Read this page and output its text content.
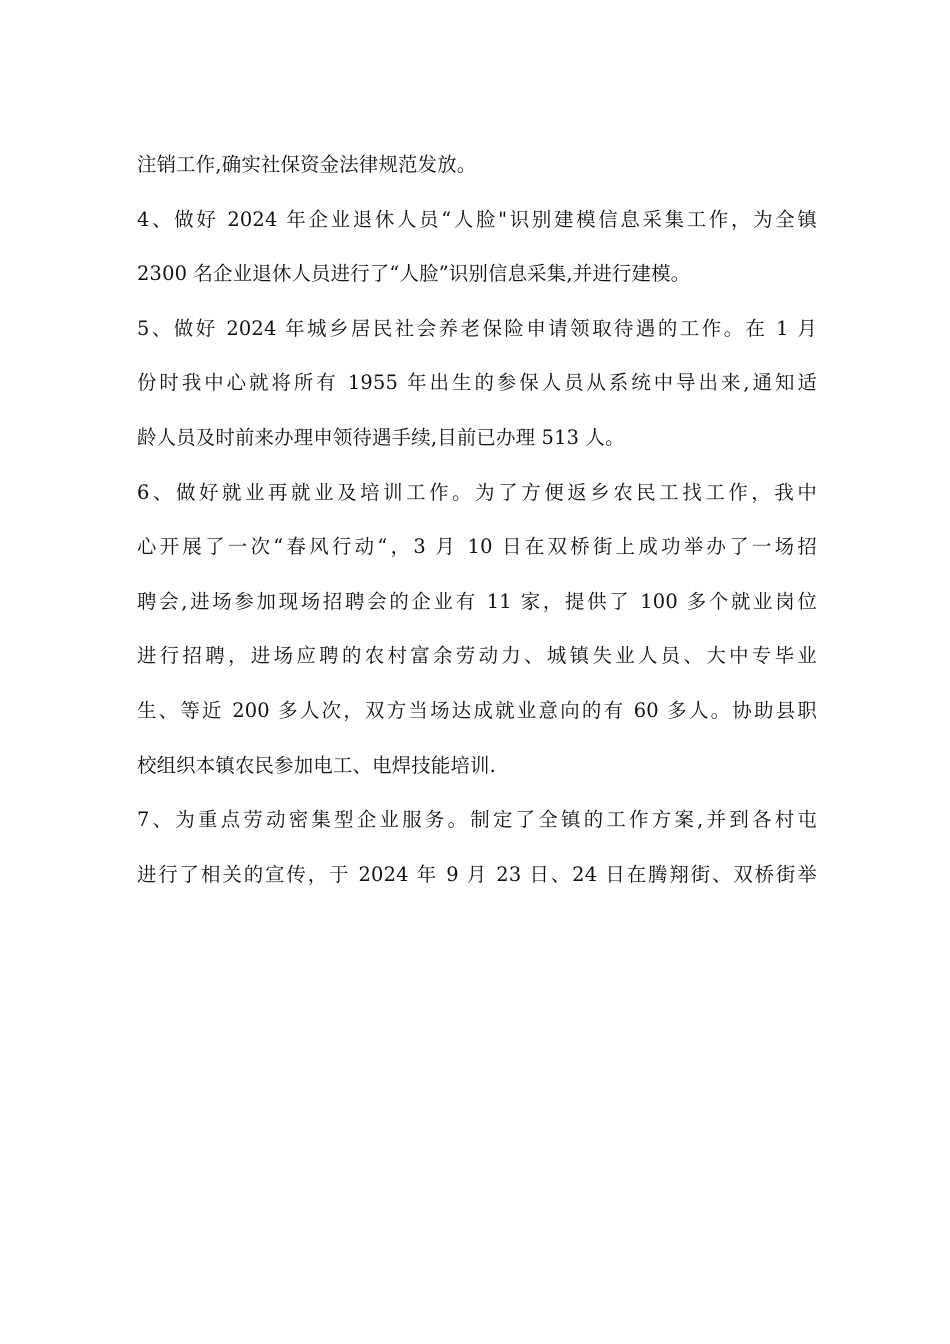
注销工作,确实社保资金法律规范发放。
4、做好 2024 年企业退休人员“人脸"识别建模信息采集工作，为全镇
2300 名企业退休人员进行了“人脸”识别信息采集,并进行建模。
5、做好 2024 年城乡居民社会养老保险申请领取待遇的工作。在 1 月
份时我中心就将所有 1955 年出生的参保人员从系统中导出来,通知适
龄人员及时前来办理申领待遇手续,目前已办理 513 人。
6、做好就业再就业及培训工作。为了方便返乡农民工找工作，我中
心开展了一次“春风行动“，3 月 10 日在双桥街上成功举办了一场招
聘会,进场参加现场招聘会的企业有 11 家，提供了 100 多个就业岗位
进行招聘，进场应聘的农村富余劳动力、城镇失业人员、大中专毕业
生、等近 200 多人次，双方当场达成就业意向的有 60 多人。协助县职
校组织本镇农民参加电工、电焊技能培训.
7、为重点劳动密集型企业服务。制定了全镇的工作方案,并到各村屯
进行了相关的宣传，于 2024 年 9 月 23 日、24 日在腾翔街、双桥街举
